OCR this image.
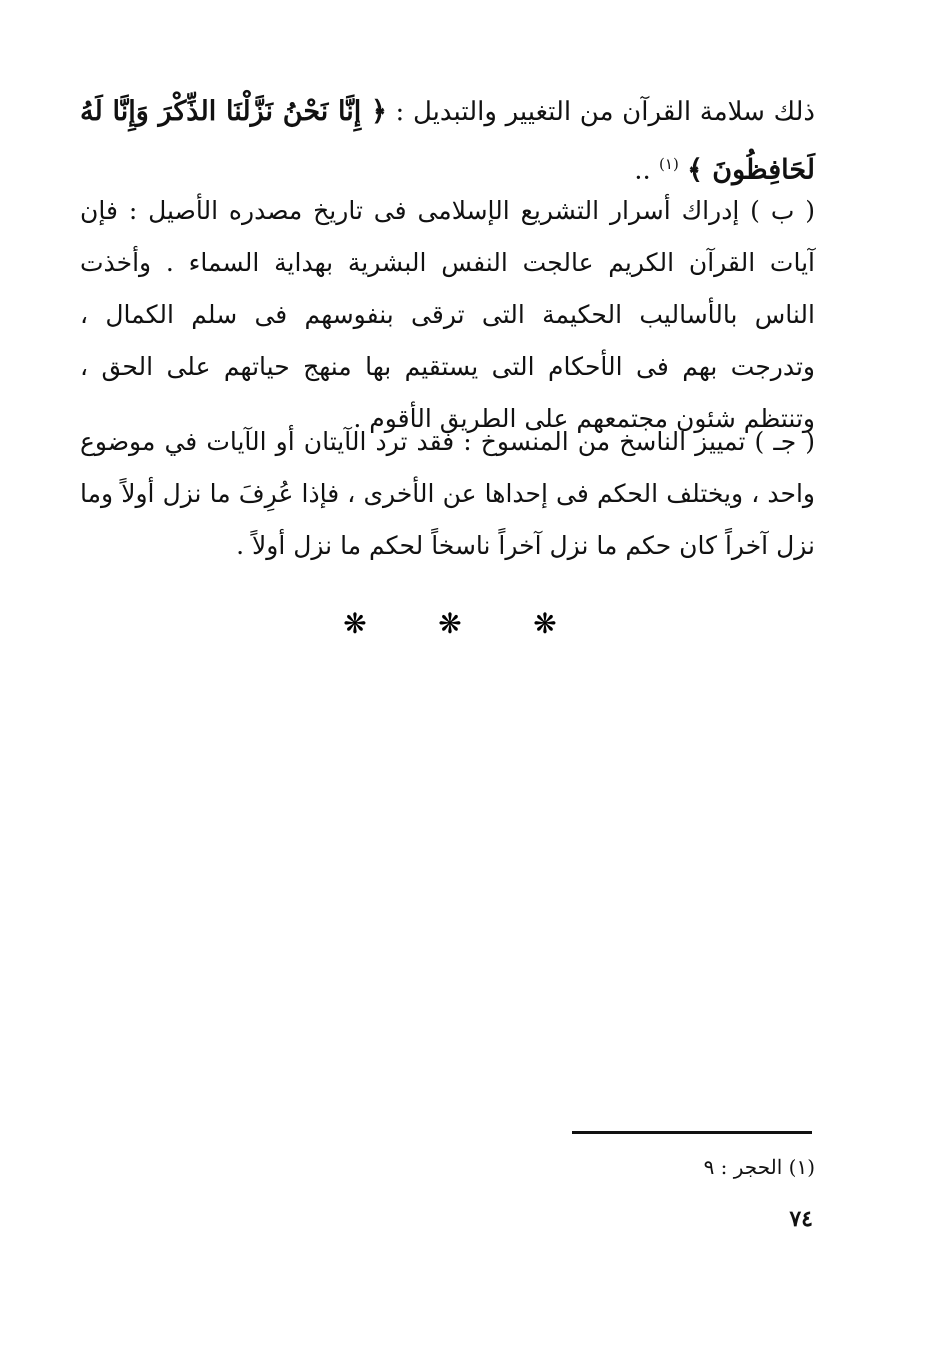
ذلك سلامة القرآن من التغيير والتبديل : ﴿ إِنَّا نَحْنُ نَزَّلْنَا الذِّكْرَ وَإِنَّا لَهُ لَحَافِظُونَ ﴾ $^{(١)}$ ..
( ب ) إدراك أسرار التشريع الإسلامى فى تاريخ مصدره الأصيل : فإن آيات القرآن الكريم عالجت النفس البشرية بهداية السماء . وأخذت الناس بالأساليب الحكيمة التى ترقى بنفوسهم فى سلم الكمال ، وتدرجت بهم فى الأحكام التى يستقيم بها منهج حياتهم على الحق ، وتنتظم شئون مجتمعهم على الطريق الأقوم .
( جـ ) تمييز الناسخ من المنسوخ : فقد ترد الآيتان أو الآيات في موضوع واحد ، ويختلف الحكم فى إحداها عن الأخرى ، فإذا عُرِفَ ما نزل أولاً وما نزل آخراً كان حكم ما نزل آخراً ناسخاً لحكم ما نزل أولاً .
❋
❋
❋
(١) الحجر : ٩
٧٤
